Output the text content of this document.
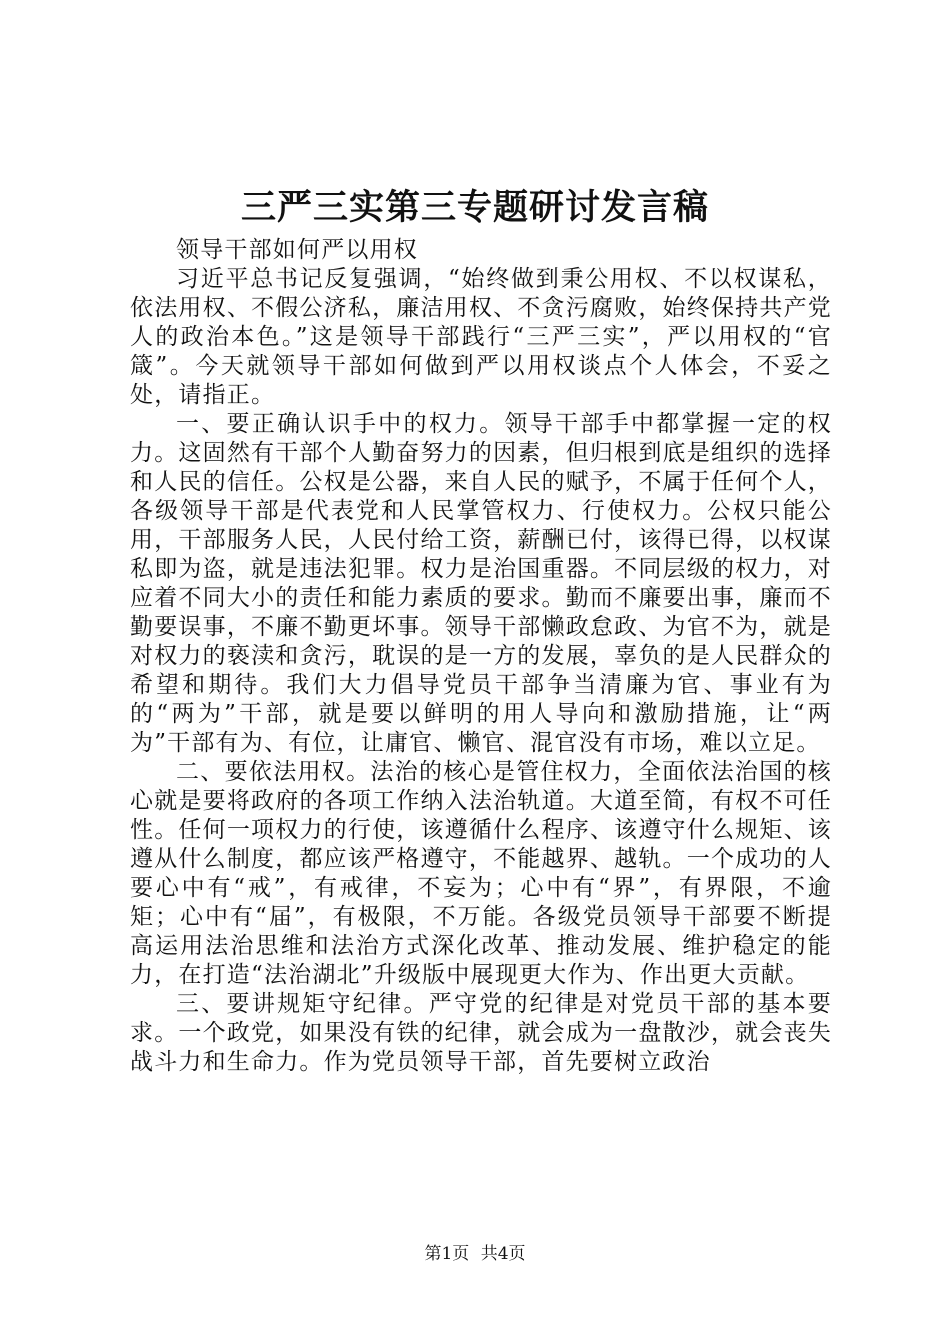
三严三实第三专题研讨发言稿

领导干部如何严以用权

习近平总书记反复强调，“始终做到秉公用权、不以权谋私，依法用权、不假公济私，廉洁用权、不贪污腐败，始终保持共产党人的政治本色。”这是领导干部践行“三严三实”，严以用权的“官箴”。今天就领导干部如何做到严以用权谈点个人体会，不妥之处，请指正。

一、要正确认识手中的权力。领导干部手中都掌握一定的权力。这固然有干部个人勤奋努力的因素，但归根到底是组织的选择和人民的信任。公权是公器，来自人民的赋予，不属于任何个人，各级领导干部是代表党和人民掌管权力、行使权力。公权只能公用，干部服务人民，人民付给工资，薪酬已付，该得已得，以权谋私即为盗，就是违法犯罪。权力是治国重器。不同层级的权力，对应着不同大小的责任和能力素质的要求。勤而不廉要出事，廉而不勤要误事，不廉不勤更坏事。领导干部懒政怠政、为官不为，就是对权力的亵渎和贪污，耽误的是一方的发展，辜负的是人民群众的希望和期待。我们大力倡导党员干部争当清廉为官、事业有为的“两为”干部，就是要以鲜明的用人导向和激励措施，让“两为”干部有为、有位，让庸官、懒官、混官没有市场，难以立足。

二、要依法用权。法治的核心是管住权力，全面依法治国的核心就是要将政府的各项工作纳入法治轨道。大道至简，有权不可任性。任何一项权力的行使，该遵循什么程序、该遵守什么规矩、该遵从什么制度，都应该严格遵守，不能越界、越轨。一个成功的人要心中有“戒”，有戒律，不妄为；心中有“界”，有界限，不逾矩；心中有“届”，有极限，不万能。各级党员领导干部要不断提高运用法治思维和法治方式深化改革、推动发展、维护稳定的能力，在打造“法治湖北”升级版中展现更大作为、作出更大贡献。

三、要讲规矩守纪律。严守党的纪律是对党员干部的基本要求。一个政党，如果没有铁的纪律，就会成为一盘散沙，就会丧失战斗力和生命力。作为党员领导干部，首先要树立政治

第1页 共4页
